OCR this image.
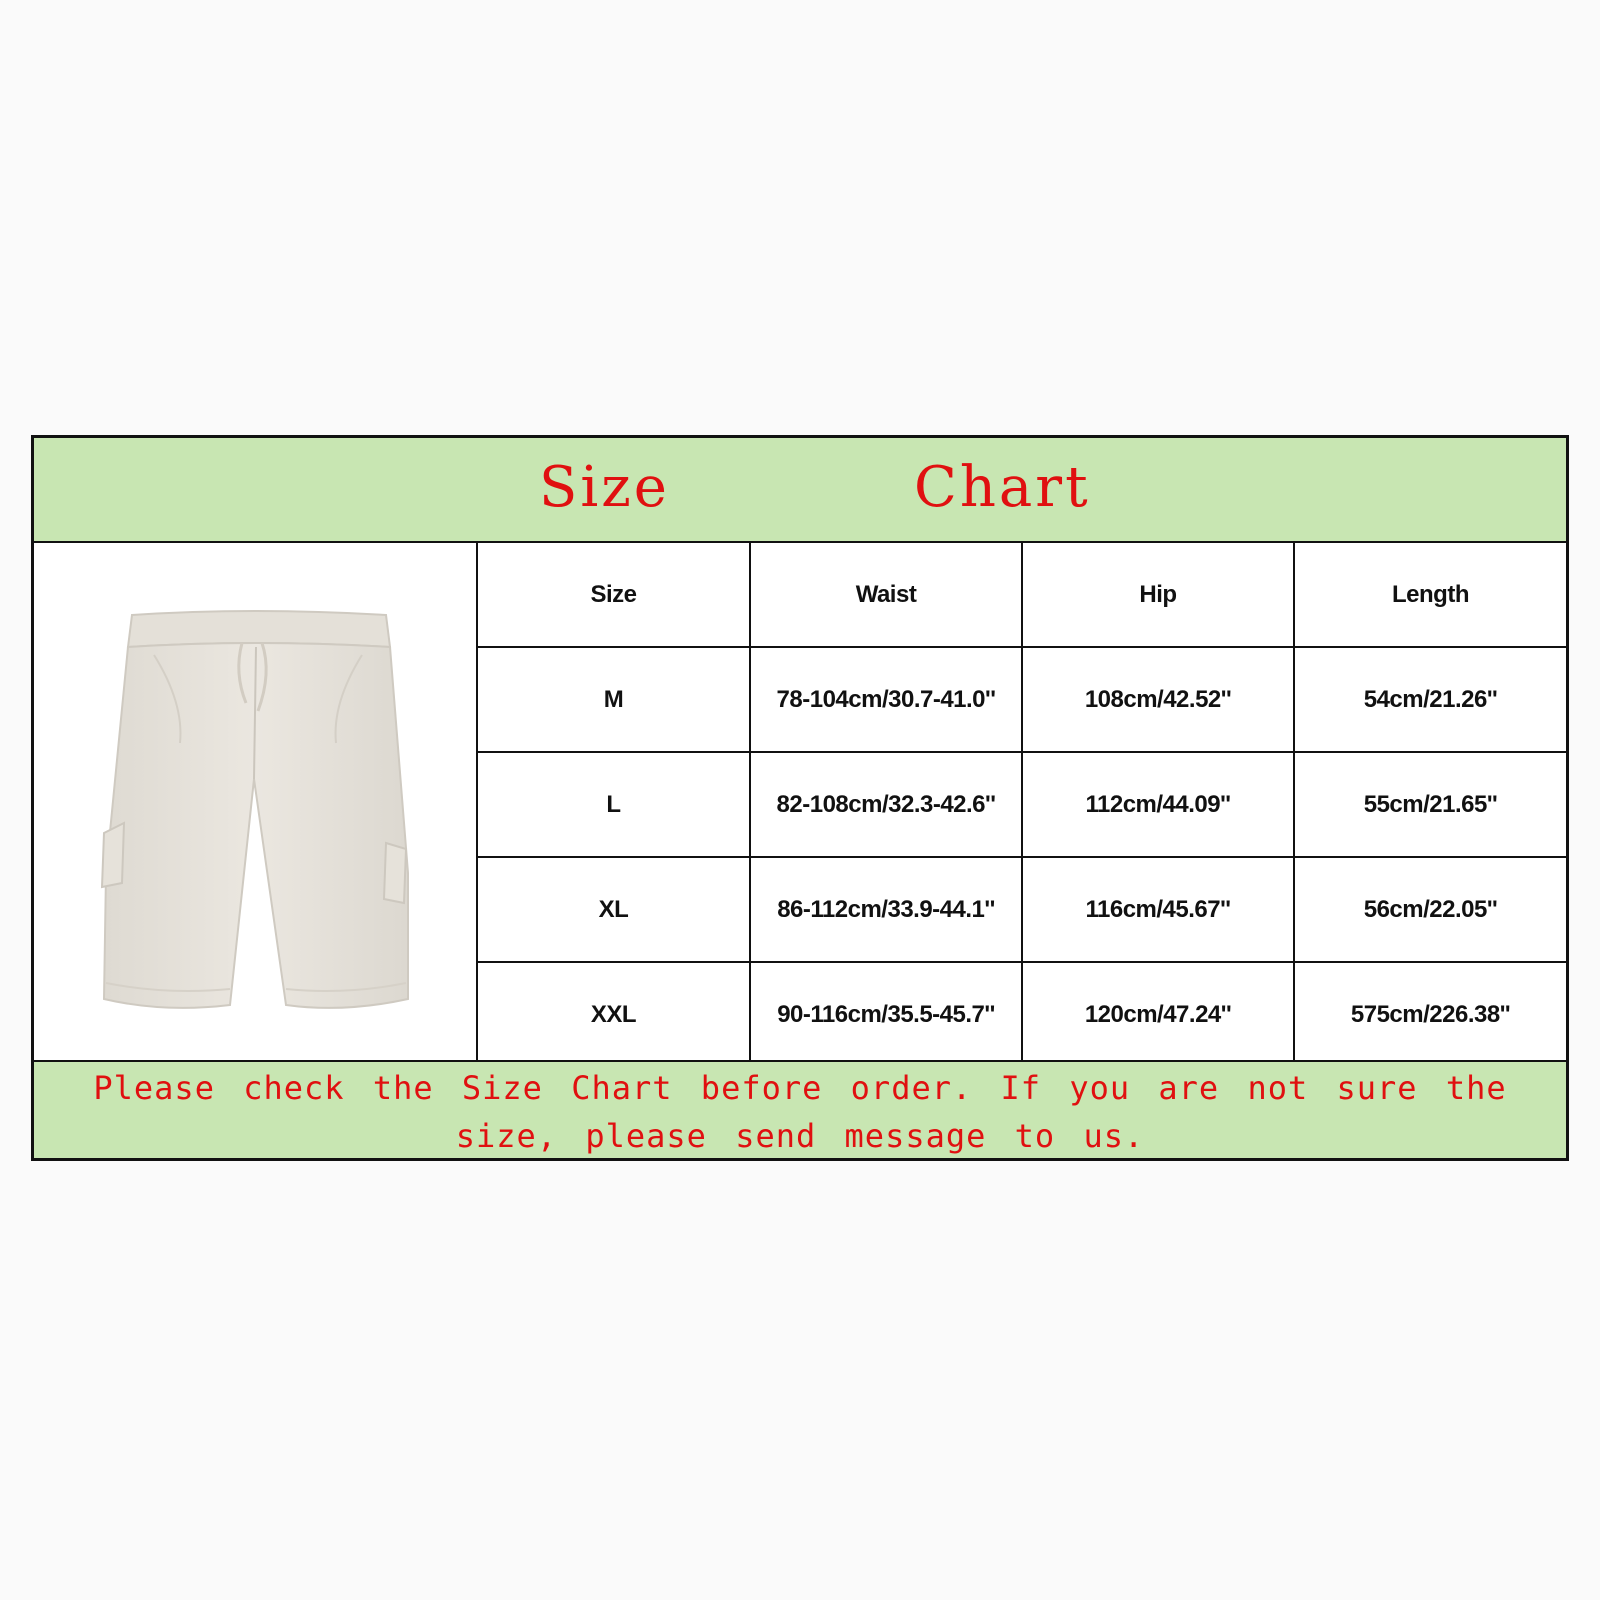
Size	Chart
Size	Waist	Hip	Length
M	78-104cm/30.7-41.0''	108cm/42.52''	54cm/21.26''
L	82-108cm/32.3-42.6''	112cm/44.09''	55cm/21.65''
XL	86-112cm/33.9-44.1''	116cm/45.67''	56cm/22.05''
XXL	90-116cm/35.5-45.7''	120cm/47.24''	575cm/226.38''
Please check the Size Chart before order. If you are not sure the
size, please send message to us.
